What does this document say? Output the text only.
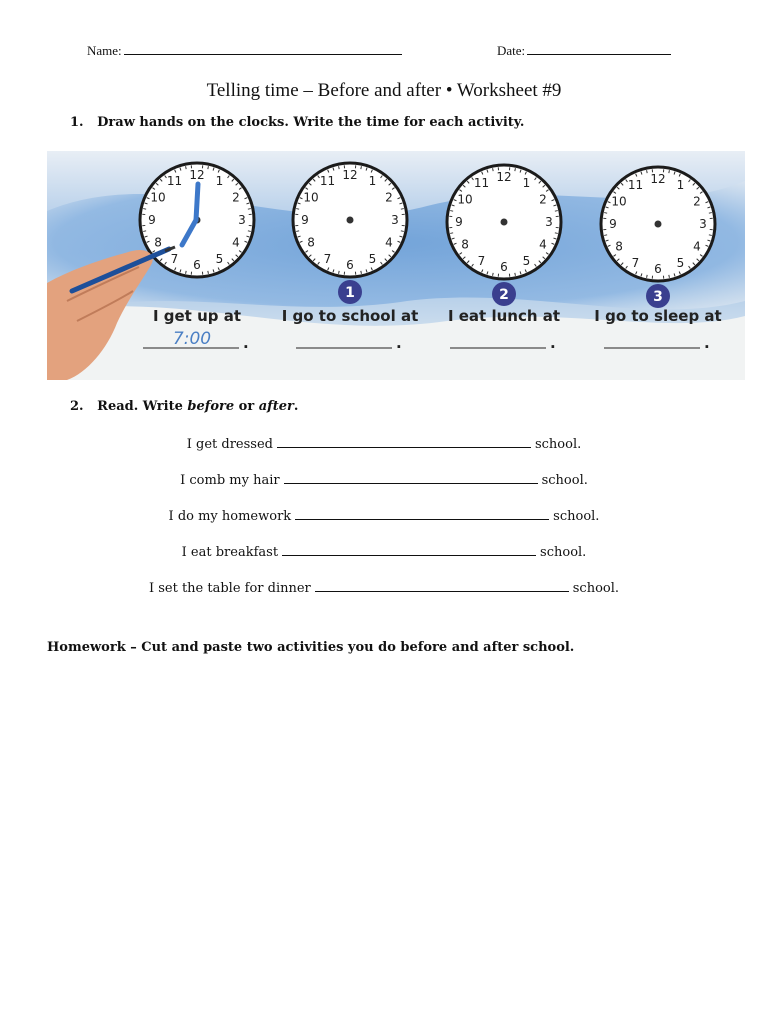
Name:	Date:
Telling time – Before and after • Worksheet #9
1. Draw hands on the clocks. Write the time for each activity.
12 1
2
3
4
5
6
7
8
9
10
11	12 1
2
3
4
5
6
7
8
9
10
11	12 1
2
3
4
5
6
7
8
9
10
11	12 1
2
3
4
5
6
7
8
9
10
11
I get up at
.
7:00
1
I go to school at
.
2
I eat lunch at
.
3
I go to sleep at
.
2. Read. Write before or after.
I get dressed	school.
I comb my hair	school.
I do my homework	school.
I eat breakfast	school.
I set the table for dinner	school.
Homework – Cut and paste two activities you do before and after school.
